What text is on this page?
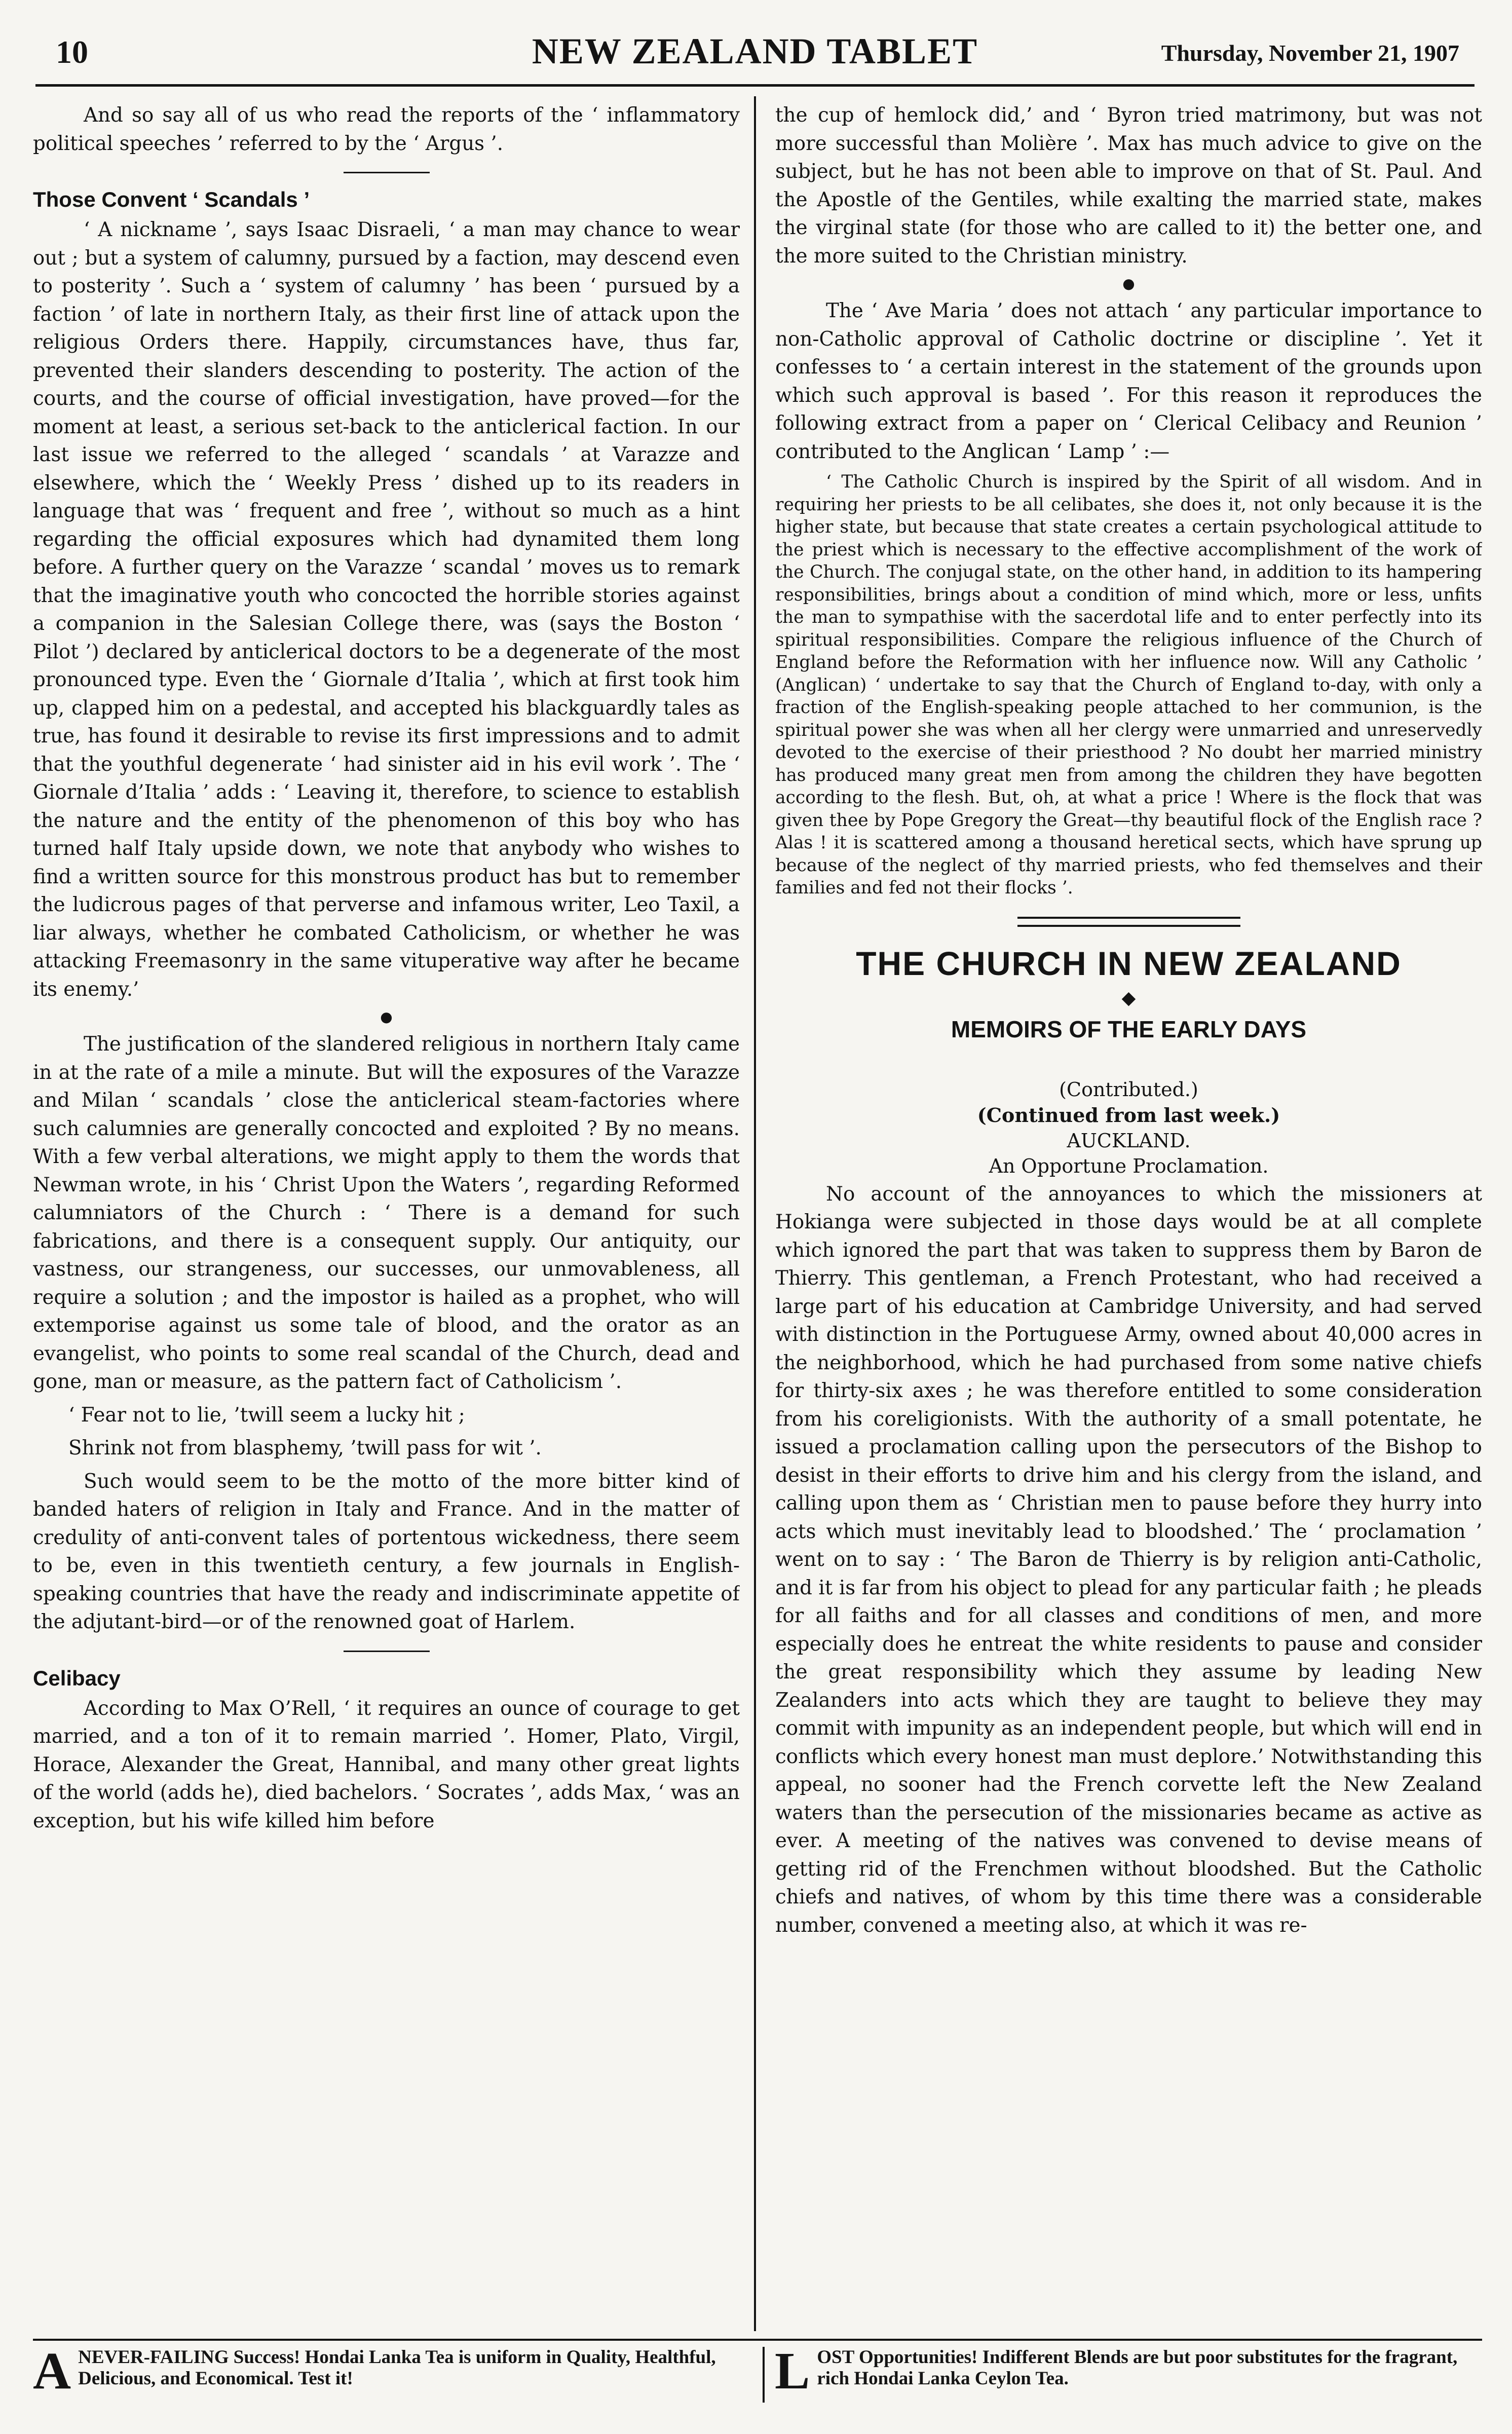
10	NEW ZEALAND TABLET	Thursday, November 21, 1907

And so say all of us who read the reports of the ‘ inflammatory political speeches ’ referred to by the ‘ Argus ’.

Those Convent ‘ Scandals ’

‘ A nickname ’, says Isaac Disraeli, ‘ a man may chance to wear out ; but a system of calumny, pursued by a faction, may descend even to posterity ’. Such a ‘ system of calumny ’ has been ‘ pursued by a faction ’ of late in northern Italy, as their first line of attack upon the religious Orders there. Happily, circumstances have, thus far, prevented their slanders descending to posterity. The action of the courts, and the course of official investigation, have proved—for the moment at least, a serious set-back to the anticlerical faction. In our last issue we referred to the alleged ‘ scandals ’ at Varazze and elsewhere, which the ‘ Weekly Press ’ dished up to its readers in language that was ‘ frequent and free ’, without so much as a hint regarding the official exposures which had dynamited them long before. A further query on the Varazze ‘ scandal ’ moves us to remark that the imaginative youth who concocted the horrible stories against a companion in the Salesian College there, was (says the Boston ‘ Pilot ’) declared by anticlerical doctors to be a degenerate of the most pronounced type. Even the ‘ Giornale d’Italia ’, which at first took him up, clapped him on a pedestal, and accepted his blackguardly tales as true, has found it desirable to revise its first impressions and to admit that the youthful degenerate ‘ had sinister aid in his evil work ’. The ‘ Giornale d’Italia ’ adds : ‘ Leaving it, therefore, to science to establish the nature and the entity of the phenomenon of this boy who has turned half Italy upside down, we note that anybody who wishes to find a written source for this monstrous product has but to remember the ludicrous pages of that perverse and infamous writer, Leo Taxil, a liar always, whether he combated Catholicism, or whether he was attacking Freemasonry in the same vituperative way after he became its enemy.’

●

The justification of the slandered religious in northern Italy came in at the rate of a mile a minute. But will the exposures of the Varazze and Milan ‘ scandals ’ close the anticlerical steam-factories where such calumnies are generally concocted and exploited ? By no means. With a few verbal alterations, we might apply to them the words that Newman wrote, in his ‘ Christ Upon the Waters ’, regarding Reformed calumniators of the Church : ‘ There is a demand for such fabrications, and there is a consequent supply. Our antiquity, our vastness, our strangeness, our successes, our unmovableness, all require a solution ; and the impostor is hailed as a prophet, who will extemporise against us some tale of blood, and the orator as an evangelist, who points to some real scandal of the Church, dead and gone, man or measure, as the pattern fact of Catholicism ’.

‘ Fear not to lie, ’twill seem a lucky hit ;

Shrink not from blasphemy, ’twill pass for wit ’.

Such would seem to be the motto of the more bitter kind of banded haters of religion in Italy and France. And in the matter of credulity of anti-convent tales of portentous wickedness, there seem to be, even in this twentieth century, a few journals in English-speaking countries that have the ready and indiscriminate appetite of the adjutant-bird—or of the renowned goat of Harlem.

Celibacy

According to Max O’Rell, ‘ it requires an ounce of courage to get married, and a ton of it to remain married ’. Homer, Plato, Virgil, Horace, Alexander the Great, Hannibal, and many other great lights of the world (adds he), died bachelors. ‘ Socrates ’, adds Max, ‘ was an exception, but his wife killed him before

the cup of hemlock did,’ and ‘ Byron tried matrimony, but was not more successful than Molière ’. Max has much advice to give on the subject, but he has not been able to improve on that of St. Paul. And the Apostle of the Gentiles, while exalting the married state, makes the virginal state (for those who are called to it) the better one, and the more suited to the Christian ministry.

●

The ‘ Ave Maria ’ does not attach ‘ any particular importance to non-Catholic approval of Catholic doctrine or discipline ’. Yet it confesses to ‘ a certain interest in the statement of the grounds upon which such approval is based ’. For this reason it reproduces the following extract from a paper on ‘ Clerical Celibacy and Reunion ’ contributed to the Anglican ‘ Lamp ’ :—

‘ The Catholic Church is inspired by the Spirit of all wisdom. And in requiring her priests to be all celibates, she does it, not only because it is the higher state, but because that state creates a certain psychological attitude to the priest which is necessary to the effective accomplishment of the work of the Church. The conjugal state, on the other hand, in addition to its hampering responsibilities, brings about a condition of mind which, more or less, unfits the man to sympathise with the sacerdotal life and to enter perfectly into its spiritual responsibilities. Compare the religious influence of the Church of England before the Reformation with her influence now. Will any Catholic ’ (Anglican) ‘ undertake to say that the Church of England to-day, with only a fraction of the English-speaking people attached to her communion, is the spiritual power she was when all her clergy were unmarried and unreservedly devoted to the exercise of their priesthood ? No doubt her married ministry has produced many great men from among the children they have begotten according to the flesh. But, oh, at what a price ! Where is the flock that was given thee by Pope Gregory the Great—thy beautiful flock of the English race ? Alas ! it is scattered among a thousand heretical sects, which have sprung up because of the neglect of thy married priests, who fed themselves and their families and fed not their flocks ’.

THE CHURCH IN NEW ZEALAND
◆
MEMOIRS OF THE EARLY DAYS
(Contributed.)
(Continued from last week.)
AUCKLAND.
An Opportune Proclamation.

No account of the annoyances to which the missioners at Hokianga were subjected in those days would be at all complete which ignored the part that was taken to suppress them by Baron de Thierry. This gentleman, a French Protestant, who had received a large part of his education at Cambridge University, and had served with distinction in the Portuguese Army, owned about 40,000 acres in the neighborhood, which he had purchased from some native chiefs for thirty-six axes ; he was therefore entitled to some consideration from his coreligionists. With the authority of a small potentate, he issued a proclamation calling upon the persecutors of the Bishop to desist in their efforts to drive him and his clergy from the island, and calling upon them as ‘ Christian men to pause before they hurry into acts which must inevitably lead to bloodshed.’ The ‘ proclamation ’ went on to say : ‘ The Baron de Thierry is by religion anti-Catholic, and it is far from his object to plead for any particular faith ; he pleads for all faiths and for all classes and conditions of men, and more especially does he entreat the white residents to pause and consider the great responsibility which they assume by leading New Zealanders into acts which they are taught to believe they may commit with impunity as an independent people, but which will end in conflicts which every honest man must deplore.’ Notwithstanding this appeal, no sooner had the French corvette left the New Zealand waters than the persecution of the missionaries became as active as ever. A meeting of the natives was convened to devise means of getting rid of the Frenchmen without bloodshed. But the Catholic chiefs and natives, of whom by this time there was a considerable number, convened a meeting also, at which it was re-

A NEVER-FAILING Success! Hondai Lanka Tea is uniform in Quality, Healthful, Delicious, and Economical. Test it!	L OST Opportunities! Indifferent Blends are but poor substitutes for the fragrant, rich Hondai Lanka Ceylon Tea.
